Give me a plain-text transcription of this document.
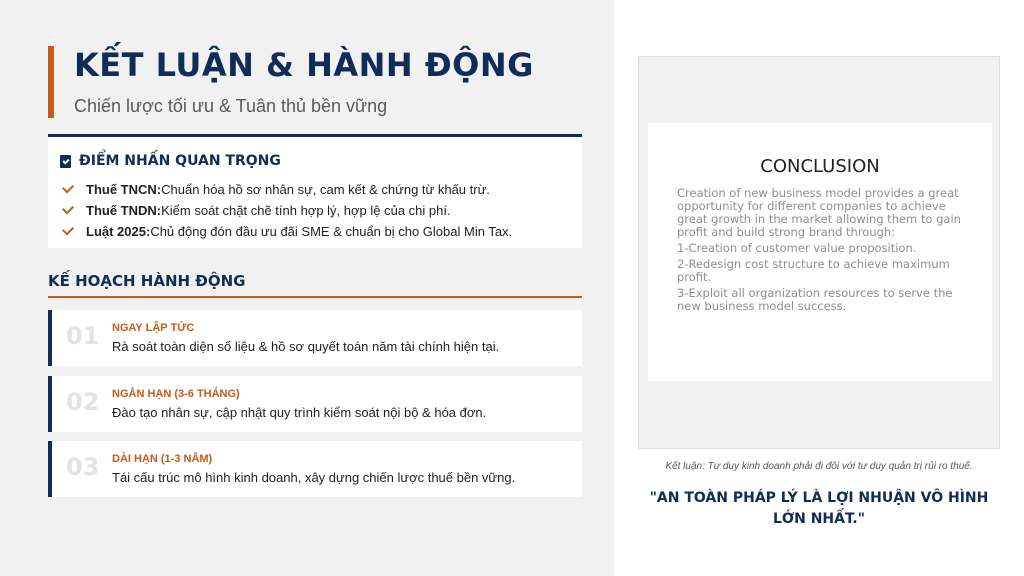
KẾT LUẬN & HÀNH ĐỘNG
Chiến lược tối ưu & Tuân thủ bền vững
ĐIỂM NHẤN QUAN TRỌNG
Thuế TNCN: Chuẩn hóa hồ sơ nhân sự, cam kết & chứng từ khấu trừ.
Thuế TNDN: Kiểm soát chặt chẽ tính hợp lý, hợp lệ của chi phí.
Luật 2025: Chủ động đón đầu ưu đãi SME & chuẩn bị cho Global Min Tax.
KẾ HOẠCH HÀNH ĐỘNG
01 NGAY LẬP TỨC
Rà soát toàn diện số liệu & hồ sơ quyết toán năm tài chính hiện tại.
02 NGẮN HẠN (3-6 THÁNG)
Đào tạo nhân sự, cập nhật quy trình kiểm soát nội bộ & hóa đơn.
03 DÀI HẠN (1-3 NĂM)
Tái cấu trúc mô hình kinh doanh, xây dựng chiến lược thuế bền vững.
CONCLUSION

Creation of new business model provides a great opportunity for different companies to achieve great growth in the market allowing them to gain profit and build strong brand through:

1-Creation of customer value proposition.

2-Redesign cost structure to achieve maximum profit.

3-Exploit all organization resources to serve the new business model success.

Kết luận: Tư duy kinh doanh phải đi đôi với tư duy quản trị rủi ro thuế.
"AN TOÀN PHÁP LÝ LÀ LỢI NHUẬN VÔ HÌNH LỚN NHẤT."
